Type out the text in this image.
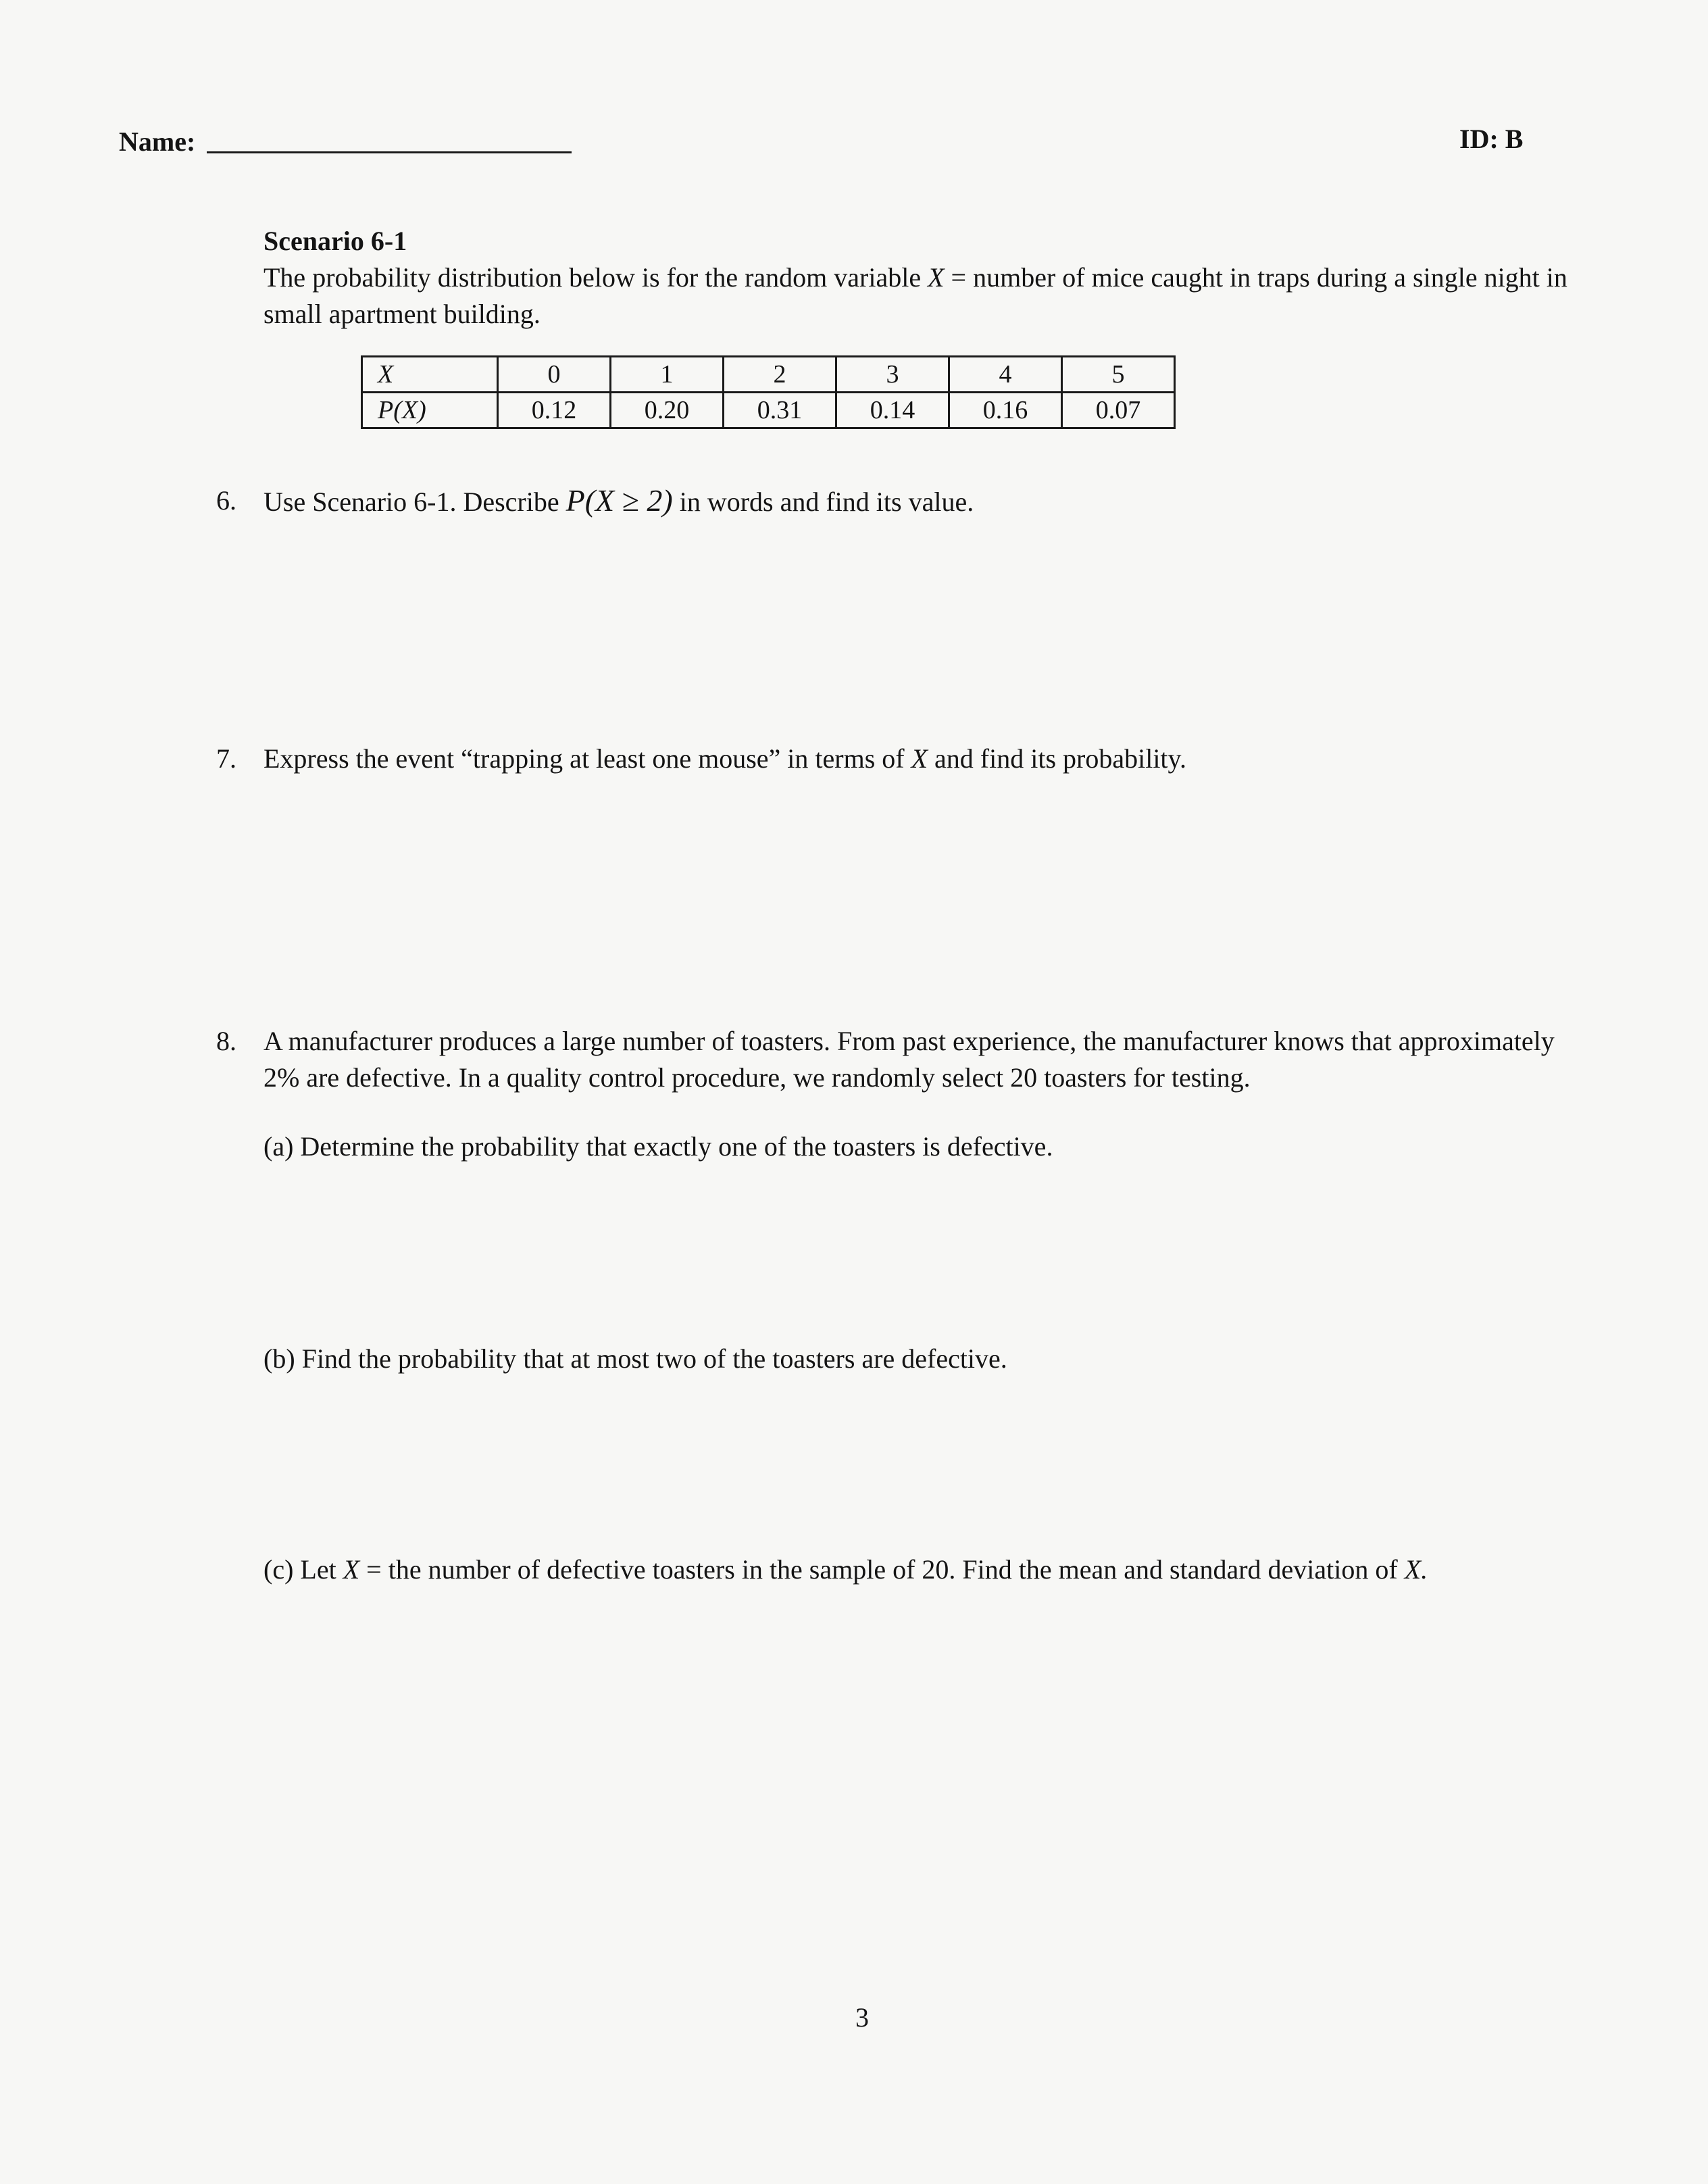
Name:	ID: B
Scenario 6-1
The probability distribution below is for the random variable X = number of mice caught in traps during a single night in small apartment building.
X	0	1	2	3	4	5
P(X)	0.12	0.20	0.31	0.14	0.16	0.07
6. Use Scenario 6-1. Describe P(X ≥ 2) in words and find its value.
7. Express the event “trapping at least one mouse” in terms of X and find its probability.
8. A manufacturer produces a large number of toasters. From past experience, the manufacturer knows that approximately 2% are defective. In a quality control procedure, we randomly select 20 toasters for testing.
(a) Determine the probability that exactly one of the toasters is defective.
(b) Find the probability that at most two of the toasters are defective.
(c) Let X = the number of defective toasters in the sample of 20. Find the mean and standard deviation of X.
3
